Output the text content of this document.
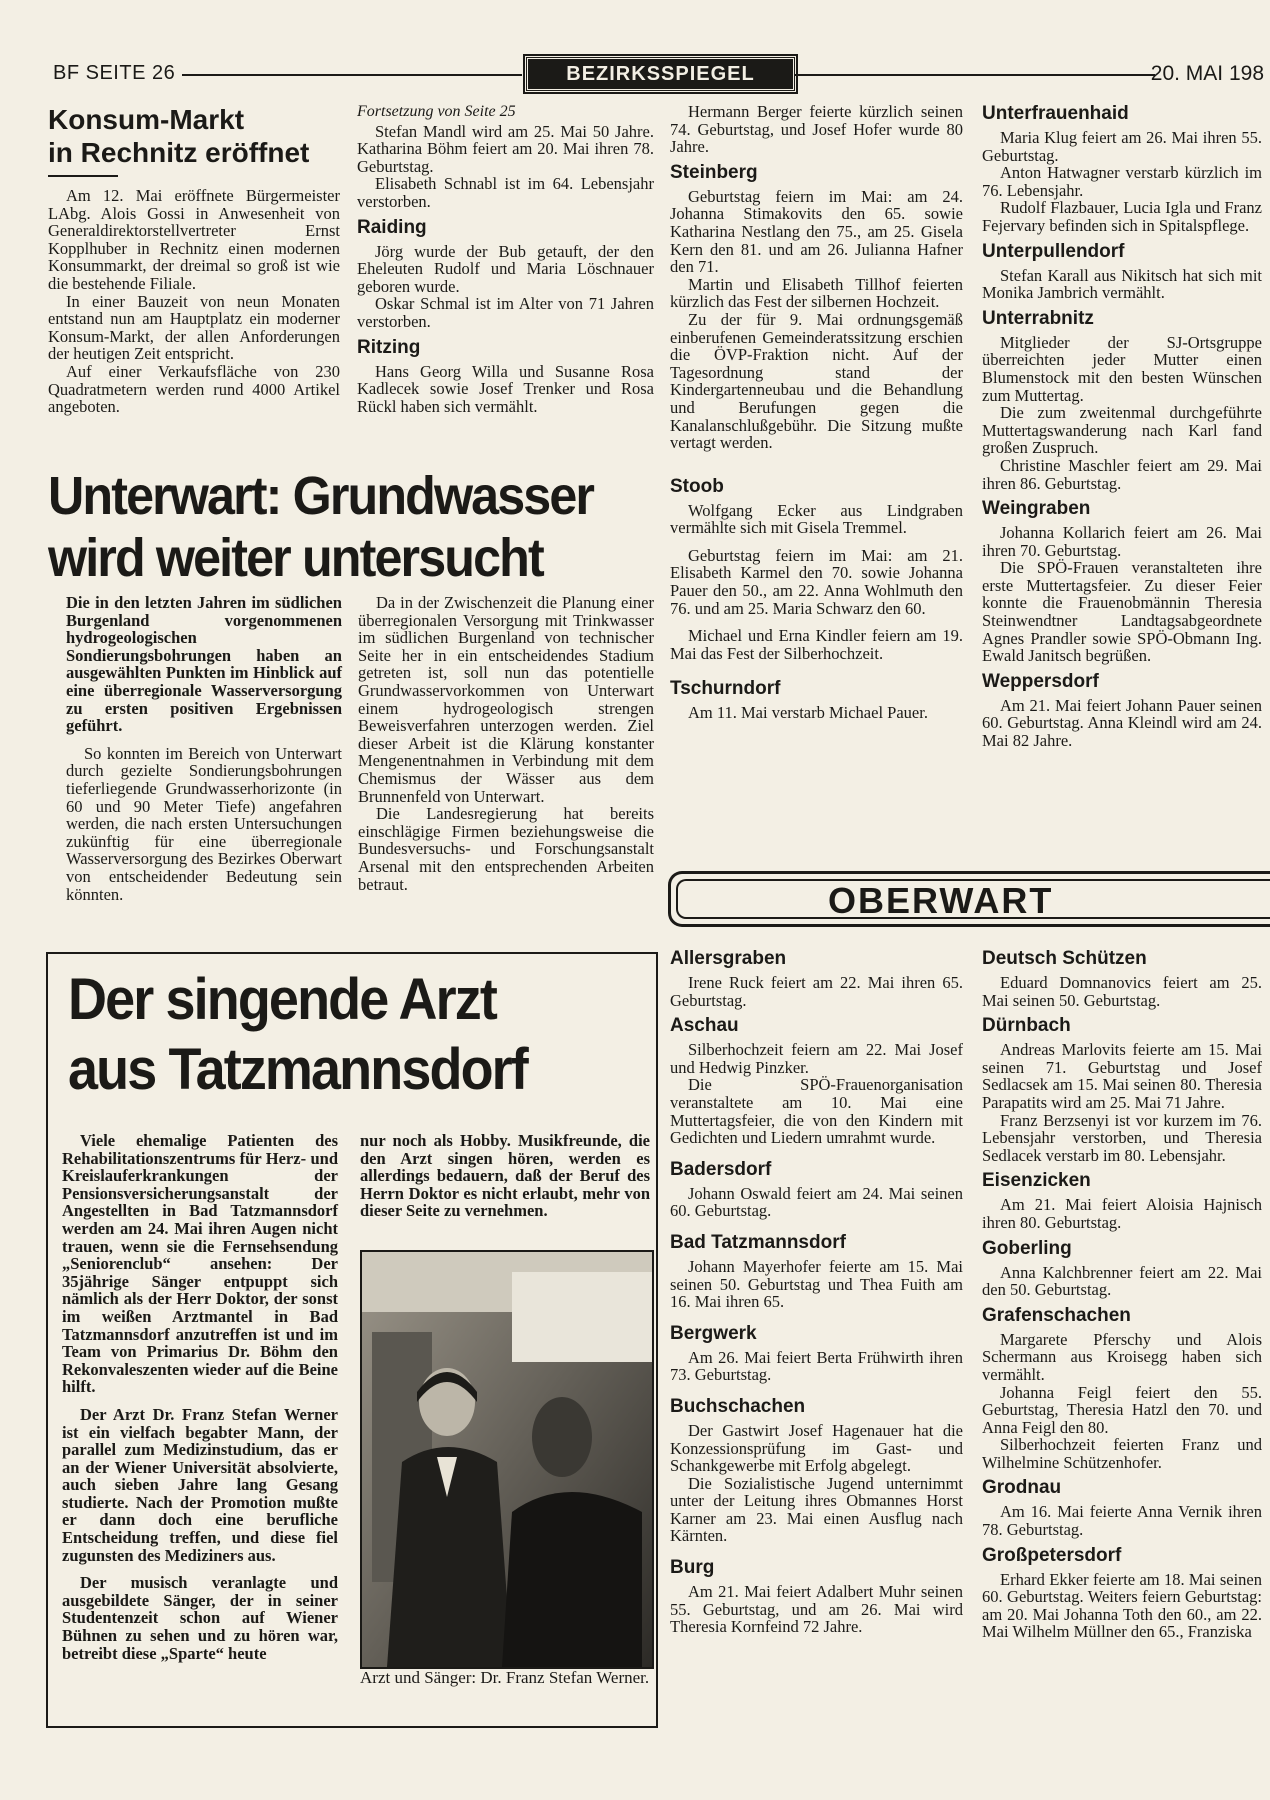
BF SEITE 26	BEZIRKSSPIEGEL	20. MAI 198
Konsum-Markt
in Rechnitz eröffnet

Am 12. Mai eröffnete Bürgermeister LAbg. Alois Gossi in Anwesenheit von Generaldirektorstellvertreter Ernst Kopplhuber in Rechnitz einen modernen Konsummarkt, der dreimal so groß ist wie die bestehende Filiale.

In einer Bauzeit von neun Monaten entstand nun am Hauptplatz ein moderner Konsum-Markt, der allen Anforderungen der heutigen Zeit entspricht.

Auf einer Verkaufsfläche von 230 Quadratmetern werden rund 4000 Artikel angeboten.

Fortsetzung von Seite 25

Stefan Mandl wird am 25. Mai 50 Jahre. Katharina Böhm feiert am 20. Mai ihren 78. Geburtstag.

Elisabeth Schnabl ist im 64. Lebensjahr verstorben.

Raiding

Jörg wurde der Bub getauft, der den Eheleuten Rudolf und Maria Löschnauer geboren wurde.

Oskar Schmal ist im Alter von 71 Jahren verstorben.

Ritzing

Hans Georg Willa und Susanne Rosa Kadlecek sowie Josef Trenker und Rosa Rückl haben sich vermählt.

Hermann Berger feierte kürzlich seinen 74. Geburtstag, und Josef Hofer wurde 80 Jahre.

Steinberg

Geburtstag feiern im Mai: am 24. Johanna Stimakovits den 65. sowie Katharina Nestlang den 75., am 25. Gisela Kern den 81. und am 26. Julianna Hafner den 71.

Martin und Elisabeth Tillhof feierten kürzlich das Fest der silbernen Hochzeit.

Zu der für 9. Mai ordnungsgemäß einberufenen Gemeinderatssitzung erschien die ÖVP-Fraktion nicht. Auf der Tagesordnung stand der Kindergartenneubau und die Behandlung und Berufungen gegen die Kanalanschlußgebühr. Die Sitzung mußte vertagt werden.

Stoob

Wolfgang Ecker aus Lindgraben vermählte sich mit Gisela Tremmel.

Geburtstag feiern im Mai: am 21. Elisabeth Karmel den 70. sowie Johanna Pauer den 50., am 22. Anna Wohlmuth den 76. und am 25. Maria Schwarz den 60.

Michael und Erna Kindler feiern am 19. Mai das Fest der Silberhochzeit.

Tschurndorf

Am 11. Mai verstarb Michael Pauer.

Unterfrauenhaid

Maria Klug feiert am 26. Mai ihren 55. Geburtstag.

Anton Hatwagner verstarb kürzlich im 76. Lebensjahr.

Rudolf Flazbauer, Lucia Igla und Franz Fejervary befinden sich in Spitalspflege.

Unterpullendorf

Stefan Karall aus Nikitsch hat sich mit Monika Jambrich vermählt.

Unterrabnitz

Mitglieder der SJ-Ortsgruppe überreichten jeder Mutter einen Blumenstock mit den besten Wünschen zum Muttertag.

Die zum zweitenmal durchgeführte Muttertagswanderung nach Karl fand großen Zuspruch.

Christine Maschler feiert am 29. Mai ihren 86. Geburtstag.

Weingraben

Johanna Kollarich feiert am 26. Mai ihren 70. Geburtstag.

Die SPÖ-Frauen veranstalteten ihre erste Muttertagsfeier. Zu dieser Feier konnte die Frauenobmännin Theresia Steinwendtner Landtagsabgeordnete Agnes Prandler sowie SPÖ-Obmann Ing. Ewald Janitsch begrüßen.

Weppersdorf

Am 21. Mai feiert Johann Pauer seinen 60. Geburtstag. Anna Kleindl wird am 24. Mai 82 Jahre.

Unterwart: Grundwasser
wird weiter untersucht

Die in den letzten Jahren im südlichen Burgenland vorgenommenen hydrogeologischen Sondierungsbohrungen haben an ausgewählten Punkten im Hinblick auf eine überregionale Wasserversorgung zu ersten positiven Ergebnissen geführt.

So konnten im Bereich von Unterwart durch gezielte Sondierungsbohrungen tieferliegende Grundwasserhorizonte (in 60 und 90 Meter Tiefe) angefahren werden, die nach ersten Untersuchungen zukünftig für eine überregionale Wasserversorgung des Bezirkes Oberwart von entscheidender Bedeutung sein könnten.

Da in der Zwischenzeit die Planung einer überregionalen Versorgung mit Trinkwasser im südlichen Burgenland von technischer Seite her in ein entscheidendes Stadium getreten ist, soll nun das potentielle Grundwasservorkommen von Unterwart einem hydrogeologisch strengen Beweisverfahren unterzogen werden. Ziel dieser Arbeit ist die Klärung konstanter Mengenentnahmen in Verbindung mit dem Chemismus der Wässer aus dem Brunnenfeld von Unterwart.

Die Landesregierung hat bereits einschlägige Firmen beziehungsweise die Bundesversuchs- und Forschungsanstalt Arsenal mit den entsprechenden Arbeiten betraut.

Der singende Arzt
aus Tatzmannsdorf

Viele ehemalige Patienten des Rehabilitationszentrums für Herz- und Kreislauferkrankungen der Pensionsversicherungsanstalt der Angestellten in Bad Tatzmannsdorf werden am 24. Mai ihren Augen nicht trauen, wenn sie die Fernsehsendung „Seniorenclub“ ansehen: Der 35jährige Sänger entpuppt sich nämlich als der Herr Doktor, der sonst im weißen Arztmantel in Bad Tatzmannsdorf anzutreffen ist und im Team von Primarius Dr. Böhm den Rekonvaleszenten wieder auf die Beine hilft.

Der Arzt Dr. Franz Stefan Werner ist ein vielfach begabter Mann, der parallel zum Medizinstudium, das er an der Wiener Universität absolvierte, auch sieben Jahre lang Gesang studierte. Nach der Promotion mußte er dann doch eine berufliche Entscheidung treffen, und diese fiel zugunsten des Mediziners aus.

Der musisch veranlagte und ausgebildete Sänger, der in seiner Studentenzeit schon auf Wiener Bühnen zu sehen und zu hören war, betreibt diese „Sparte“ heute

nur noch als Hobby. Musikfreunde, die den Arzt singen hören, werden es allerdings bedauern, daß der Beruf des Herrn Doktor es nicht erlaubt, mehr von dieser Seite zu vernehmen.

Arzt und Sänger: Dr. Franz Stefan Werner.
OBERWART
Allersgraben

Irene Ruck feiert am 22. Mai ihren 65. Geburtstag.

Aschau

Silberhochzeit feiern am 22. Mai Josef und Hedwig Pinzker.

Die SPÖ-Frauenorganisation veranstaltete am 10. Mai eine Muttertagsfeier, die von den Kindern mit Gedichten und Liedern umrahmt wurde.

Badersdorf

Johann Oswald feiert am 24. Mai seinen 60. Geburtstag.

Bad Tatzmannsdorf

Johann Mayerhofer feierte am 15. Mai seinen 50. Geburtstag und Thea Fuith am 16. Mai ihren 65.

Bergwerk

Am 26. Mai feiert Berta Frühwirth ihren 73. Geburtstag.

Buchschachen

Der Gastwirt Josef Hagenauer hat die Konzessionsprüfung im Gast- und Schankgewerbe mit Erfolg abgelegt.

Die Sozialistische Jugend unternimmt unter der Leitung ihres Obmannes Horst Karner am 23. Mai einen Ausflug nach Kärnten.

Burg

Am 21. Mai feiert Adalbert Muhr seinen 55. Geburtstag, und am 26. Mai wird Theresia Kornfeind 72 Jahre.

Deutsch Schützen

Eduard Domnanovics feiert am 25. Mai seinen 50. Geburtstag.

Dürnbach

Andreas Marlovits feierte am 15. Mai seinen 71. Geburtstag und Josef Sedlacsek am 15. Mai seinen 80. Theresia Parapatits wird am 25. Mai 71 Jahre.

Franz Berzsenyi ist vor kurzem im 76. Lebensjahr verstorben, und Theresia Sedlacek verstarb im 80. Lebensjahr.

Eisenzicken

Am 21. Mai feiert Aloisia Hajnisch ihren 80. Geburtstag.

Goberling

Anna Kalchbrenner feiert am 22. Mai den 50. Geburtstag.

Grafenschachen

Margarete Pferschy und Alois Schermann aus Kroisegg haben sich vermählt.

Johanna Feigl feiert den 55. Geburtstag, Theresia Hatzl den 70. und Anna Feigl den 80.

Silberhochzeit feierten Franz und Wilhelmine Schützenhofer.

Grodnau

Am 16. Mai feierte Anna Vernik ihren 78. Geburtstag.

Großpetersdorf

Erhard Ekker feierte am 18. Mai seinen 60. Geburtstag. Weiters feiern Geburtstag: am 20. Mai Johanna Toth den 60., am 22. Mai Wilhelm Müllner den 65., Franziska
